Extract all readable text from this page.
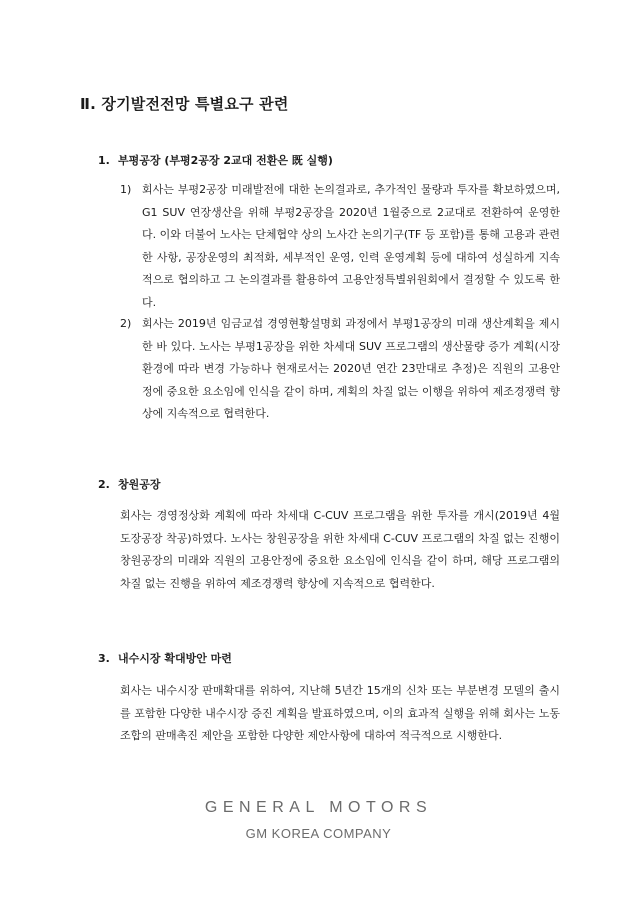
Ⅱ. 장기발전전망 특별요구 관련
1. 부평공장 (부평2공장 2교대 전환은 既 실행)
1) 회사는 부평2공장 미래발전에 대한 논의결과로, 추가적인 물량과 투자를 확보하였으며, G1 SUV 연장생산을 위해 부평2공장을 2020년 1월중으로 2교대로 전환하여 운영한다. 이와 더불어 노사는 단체협약 상의 노사간 논의기구(TF 등 포함)를 통해 고용과 관련한 사항, 공장운영의 최적화, 세부적인 운영, 인력 운영계획 등에 대하여 성실하게 지속적으로 협의하고 그 논의결과를 활용하여 고용안정특별위원회에서 결정할 수 있도록 한다.
2) 회사는 2019년 임금교섭 경영현황설명회 과정에서 부평1공장의 미래 생산계획을 제시한 바 있다. 노사는 부평1공장을 위한 차세대 SUV 프로그램의 생산물량 증가 계획(시장환경에 따라 변경 가능하나 현재로서는 2020년 연간 23만대로 추정)은 직원의 고용안정에 중요한 요소임에 인식을 같이 하며, 계획의 차질 없는 이행을 위하여 제조경쟁력 향상에 지속적으로 협력한다.
2. 창원공장
회사는 경영정상화 계획에 따라 차세대 C-CUV 프로그램을 위한 투자를 개시(2019년 4월 도장공장 착공)하였다. 노사는 창원공장을 위한 차세대 C-CUV 프로그램의 차질 없는 진행이 창원공장의 미래와 직원의 고용안정에 중요한 요소임에 인식을 같이 하며, 해당 프로그램의 차질 없는 진행을 위하여 제조경쟁력 향상에 지속적으로 협력한다.
3. 내수시장 확대방안 마련
회사는 내수시장 판매확대를 위하여, 지난해 5년간 15개의 신차 또는 부분변경 모델의 출시를 포함한 다양한 내수시장 증진 계획을 발표하였으며, 이의 효과적 실행을 위해 회사는 노동조합의 판매촉진 제안을 포함한 다양한 제안사항에 대하여 적극적으로 시행한다.
GENERAL MOTORS
GM KOREA COMPANY
